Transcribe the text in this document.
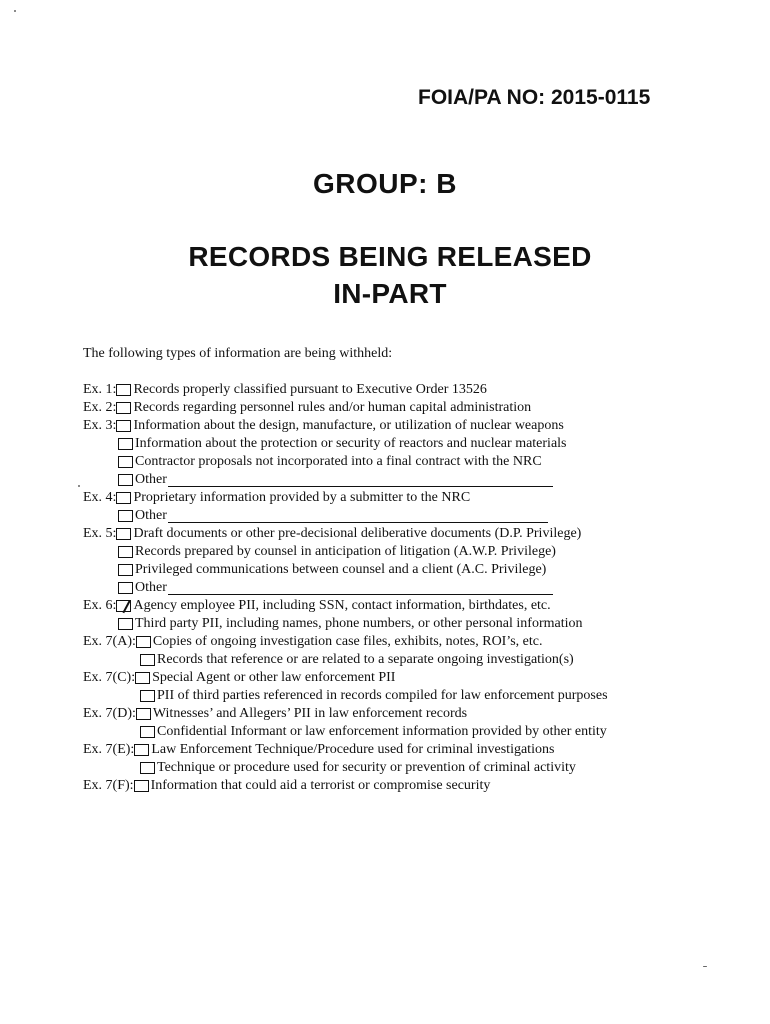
FOIA/PA NO: 2015-0115
GROUP: B
RECORDS BEING RELEASED
IN-PART
The following types of information are being withheld:
Ex. 1: Records properly classified pursuant to Executive Order 13526
Ex. 2: Records regarding personnel rules and/or human capital administration
Ex. 3: Information about the design, manufacture, or utilization of nuclear weapons
Information about the protection or security of reactors and nuclear materials
Contractor proposals not incorporated into a final contract with the NRC
Other
Ex. 4: Proprietary information provided by a submitter to the NRC
Other
Ex. 5: Draft documents or other pre-decisional deliberative documents (D.P. Privilege)
Records prepared by counsel in anticipation of litigation (A.W.P. Privilege)
Privileged communications between counsel and a client (A.C. Privilege)
Other
Ex. 6: Agency employee PII, including SSN, contact information, birthdates, etc.
Third party PII, including names, phone numbers, or other personal information
Ex. 7(A): Copies of ongoing investigation case files, exhibits, notes, ROI’s, etc.
Records that reference or are related to a separate ongoing investigation(s)
Ex. 7(C): Special Agent or other law enforcement PII
PII of third parties referenced in records compiled for law enforcement purposes
Ex. 7(D): Witnesses’ and Allegers’ PII in law enforcement records
Confidential Informant or law enforcement information provided by other entity
Ex. 7(E): Law Enforcement Technique/Procedure used for criminal investigations
Technique or procedure used for security or prevention of criminal activity
Ex. 7(F): Information that could aid a terrorist or compromise security
